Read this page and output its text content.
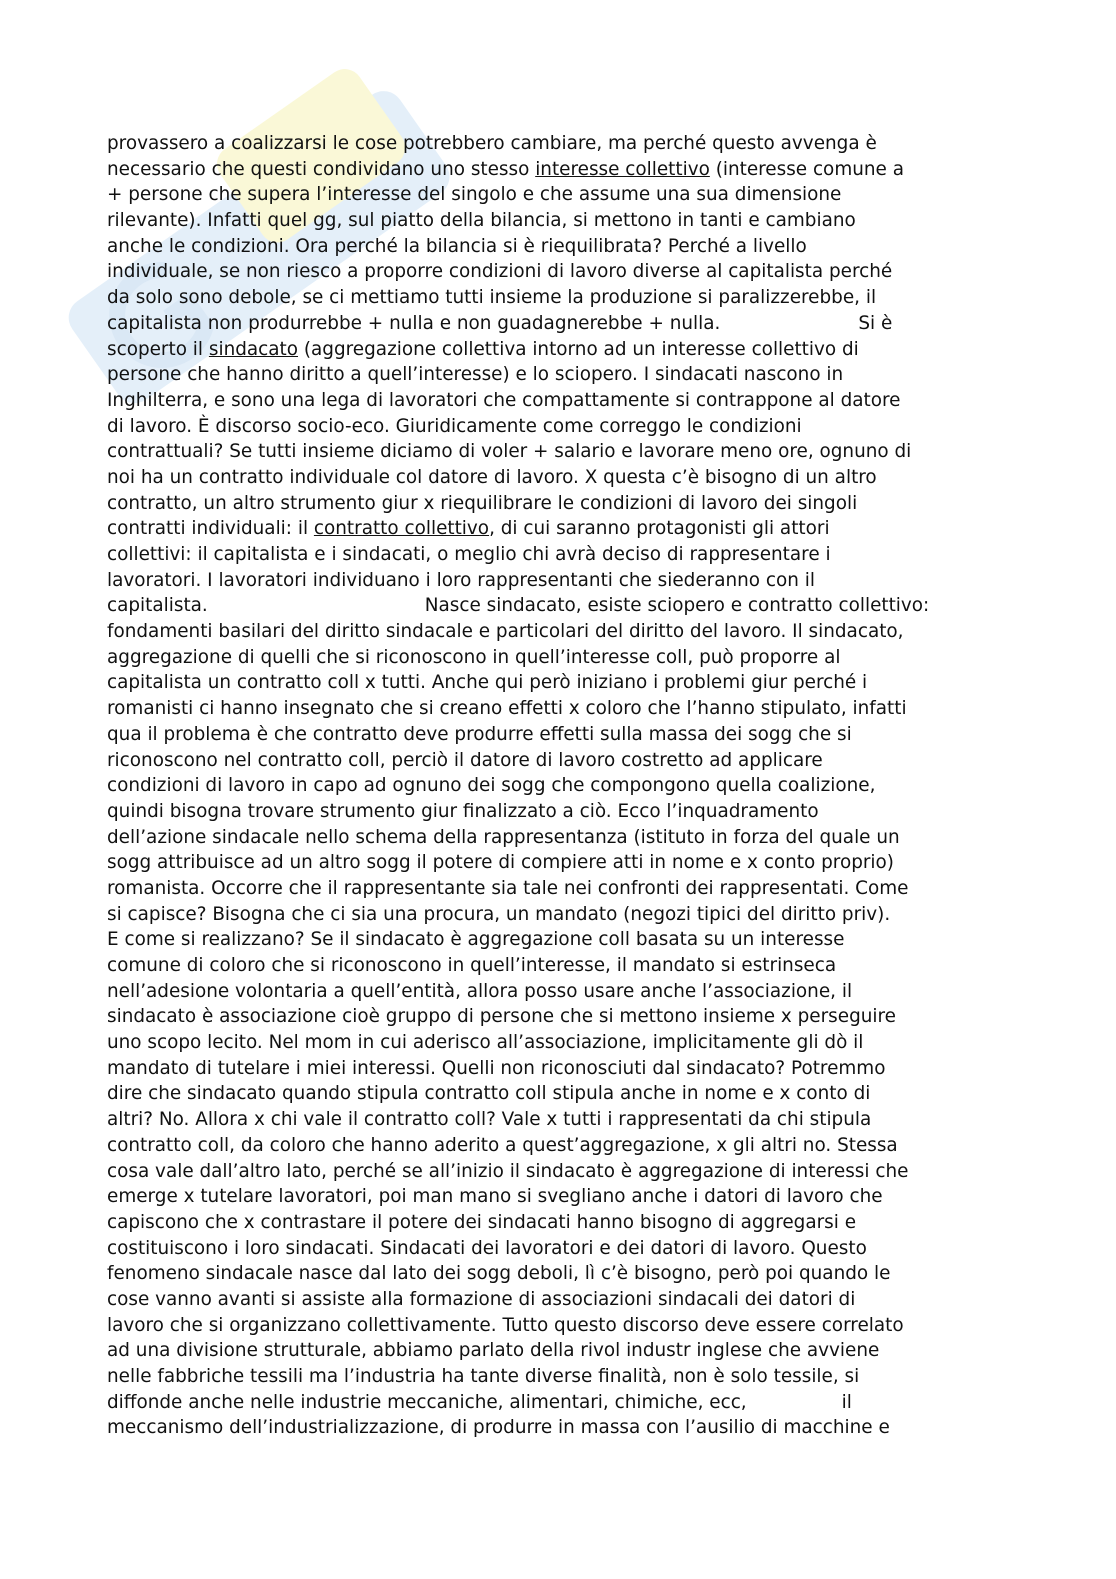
provassero a coalizzarsi le cose potrebbero cambiare, ma perché questo avvenga è
necessario che questi condividano uno stesso interesse collettivo (interesse comune a
+ persone che supera l’interesse del singolo e che assume una sua dimensione
rilevante). Infatti quel gg, sul piatto della bilancia, si mettono in tanti e cambiano
anche le condizioni. Ora perché la bilancia si è riequilibrata? Perché a livello
individuale, se non riesco a proporre condizioni di lavoro diverse al capitalista perché
da solo sono debole, se ci mettiamo tutti insieme la produzione si paralizzerebbe, il
capitalista non produrrebbe + nulla e non guadagnerebbe + nulla.	Si è
scoperto il sindacato (aggregazione collettiva intorno ad un interesse collettivo di
persone che hanno diritto a quell’interesse) e lo sciopero. I sindacati nascono in
Inghilterra, e sono una lega di lavoratori che compattamente si contrappone al datore
di lavoro. È discorso socio-eco. Giuridicamente come correggo le condizioni
contrattuali? Se tutti insieme diciamo di voler + salario e lavorare meno ore, ognuno di
noi ha un contratto individuale col datore di lavoro. X questa c’è bisogno di un altro
contratto, un altro strumento giur x riequilibrare le condizioni di lavoro dei singoli
contratti individuali: il contratto collettivo, di cui saranno protagonisti gli attori
collettivi: il capitalista e i sindacati, o meglio chi avrà deciso di rappresentare i
lavoratori. I lavoratori individuano i loro rappresentanti che siederanno con il
capitalista.	Nasce sindacato, esiste sciopero e contratto collettivo:
fondamenti basilari del diritto sindacale e particolari del diritto del lavoro. Il sindacato,
aggregazione di quelli che si riconoscono in quell’interesse coll, può proporre al
capitalista un contratto coll x tutti. Anche qui però iniziano i problemi giur perché i
romanisti ci hanno insegnato che si creano effetti x coloro che l’hanno stipulato, infatti
qua il problema è che contratto deve produrre effetti sulla massa dei sogg che si
riconoscono nel contratto coll, perciò il datore di lavoro costretto ad applicare
condizioni di lavoro in capo ad ognuno dei sogg che compongono quella coalizione,
quindi bisogna trovare strumento giur finalizzato a ciò. Ecco l’inquadramento
dell’azione sindacale nello schema della rappresentanza (istituto in forza del quale un
sogg attribuisce ad un altro sogg il potere di compiere atti in nome e x conto proprio)
romanista. Occorre che il rappresentante sia tale nei confronti dei rappresentati. Come
si capisce? Bisogna che ci sia una procura, un mandato (negozi tipici del diritto priv).
E come si realizzano? Se il sindacato è aggregazione coll basata su un interesse
comune di coloro che si riconoscono in quell’interesse, il mandato si estrinseca
nell’adesione volontaria a quell’entità, allora posso usare anche l’associazione, il
sindacato è associazione cioè gruppo di persone che si mettono insieme x perseguire
uno scopo lecito. Nel mom in cui aderisco all’associazione, implicitamente gli dò il
mandato di tutelare i miei interessi. Quelli non riconosciuti dal sindacato? Potremmo
dire che sindacato quando stipula contratto coll stipula anche in nome e x conto di
altri? No. Allora x chi vale il contratto coll? Vale x tutti i rappresentati da chi stipula
contratto coll, da coloro che hanno aderito a quest’aggregazione, x gli altri no. Stessa
cosa vale dall’altro lato, perché se all’inizio il sindacato è aggregazione di interessi che
emerge x tutelare lavoratori, poi man mano si svegliano anche i datori di lavoro che
capiscono che x contrastare il potere dei sindacati hanno bisogno di aggregarsi e
costituiscono i loro sindacati. Sindacati dei lavoratori e dei datori di lavoro. Questo
fenomeno sindacale nasce dal lato dei sogg deboli, lì c’è bisogno, però poi quando le
cose vanno avanti si assiste alla formazione di associazioni sindacali dei datori di
lavoro che si organizzano collettivamente. Tutto questo discorso deve essere correlato
ad una divisione strutturale, abbiamo parlato della rivol industr inglese che avviene
nelle fabbriche tessili ma l’industria ha tante diverse finalità, non è solo tessile, si
diffonde anche nelle industrie meccaniche, alimentari, chimiche, ecc,	il
meccanismo dell’industrializzazione, di produrre in massa con l’ausilio di macchine e
